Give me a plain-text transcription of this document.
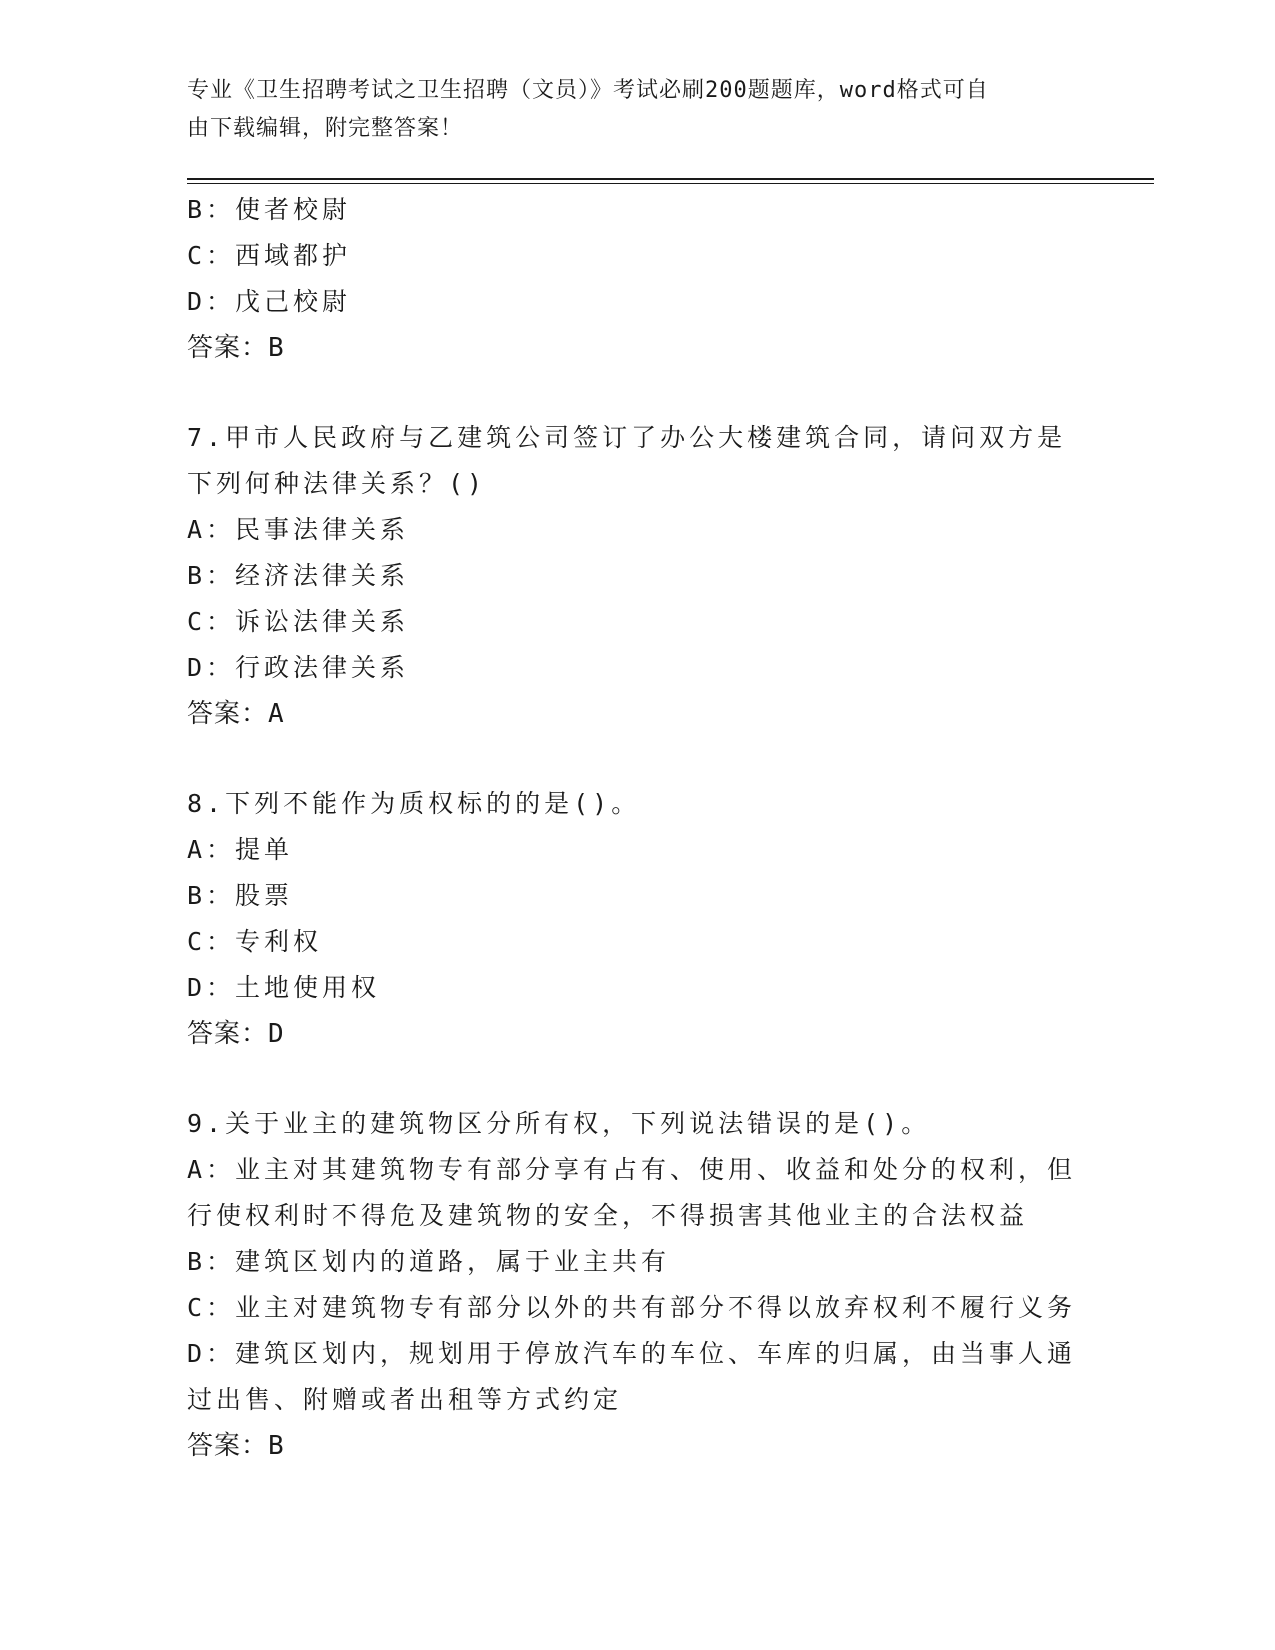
专业《卫生招聘考试之卫生招聘（文员）》考试必刷200题题库，word格式可自
由下载编辑，附完整答案！
B：使者校尉
C：西域都护
D：戊己校尉
答案：B
7.甲市人民政府与乙建筑公司签订了办公大楼建筑合同，请问双方是
下列何种法律关系？()
A：民事法律关系
B：经济法律关系
C：诉讼法律关系
D：行政法律关系
答案：A
8.下列不能作为质权标的的是()。
A：提单
B：股票
C：专利权
D：土地使用权
答案：D
9.关于业主的建筑物区分所有权，下列说法错误的是()。
A：业主对其建筑物专有部分享有占有、使用、收益和处分的权利，但
行使权利时不得危及建筑物的安全，不得损害其他业主的合法权益
B：建筑区划内的道路，属于业主共有
C：业主对建筑物专有部分以外的共有部分不得以放弃权利不履行义务
D：建筑区划内，规划用于停放汽车的车位、车库的归属，由当事人通
过出售、附赠或者出租等方式约定
答案：B
